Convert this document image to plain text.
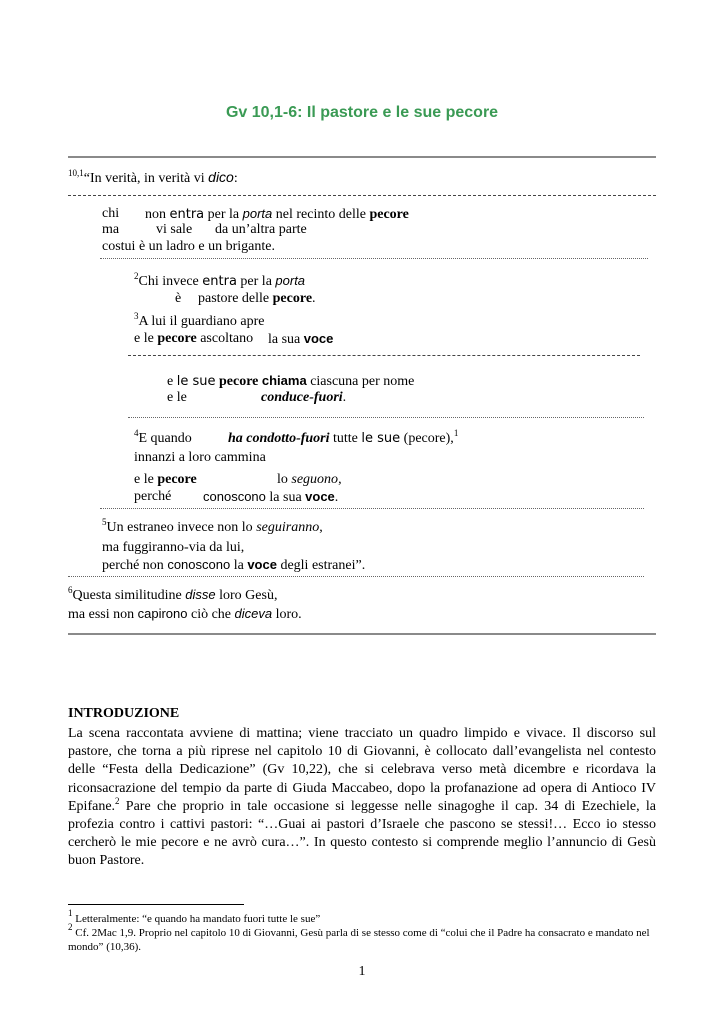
Gv 10,1-6: Il pastore e le sue pecore
$^{10,1}$“In verità, in verità vi dico:
chi non entra per la porta nel recinto delle pecore
ma	vi sale da un’altra parte
costui è un ladro e un brigante.
$^2$Chi invece entra per la porta
è pastore delle pecore.
$^3$A lui il guardiano apre
e le pecore ascoltano la sua voce
e le sue pecore chiama ciascuna per nome
e le	conduce-fuori.
$^4$E quando	ha condotto-fuori tutte le sue (pecore),$^1$
innanzi a loro cammina
e le pecore	lo seguono,
perché conoscono la sua voce.
$^5$Un estraneo invece non lo seguiranno,
ma fuggiranno-via da lui,
perché non conoscono la voce degli estranei”.
$^6$Questa similitudine disse loro Gesù,
ma essi non capirono ciò che diceva loro.
INTRODUZIONE

La scena raccontata avviene di mattina; viene tracciato un quadro limpido e vivace. Il discorso sul pastore, che torna a più riprese nel capitolo 10 di Giovanni, è collocato dall’evangelista nel contesto delle “Festa della Dedicazione” (Gv 10,22), che si celebrava verso metà dicembre e ricordava la riconsacrazione del tempio da parte di Giuda Maccabeo, dopo la profanazione ad opera di Antioco IV Epifane.$^2$ Pare che proprio in tale occasione si leggesse nelle sinagoghe il cap. 34 di Ezechiele, la profezia contro i cattivi pastori: “…Guai ai pastori d’Israele che pascono se stessi!… Ecco io stesso cercherò le mie pecore e ne avrò cura…”. In questo contesto si comprende meglio l’annuncio di Gesù buon Pastore.

$^1$ Letteralmente: “e quando ha mandato fuori tutte le sue”
$^2$ Cf. 2Mac 1,9. Proprio nel capitolo 10 di Giovanni, Gesù parla di se stesso come di “colui che il Padre ha consacrato e mandato nel mondo” (10,36).
1
